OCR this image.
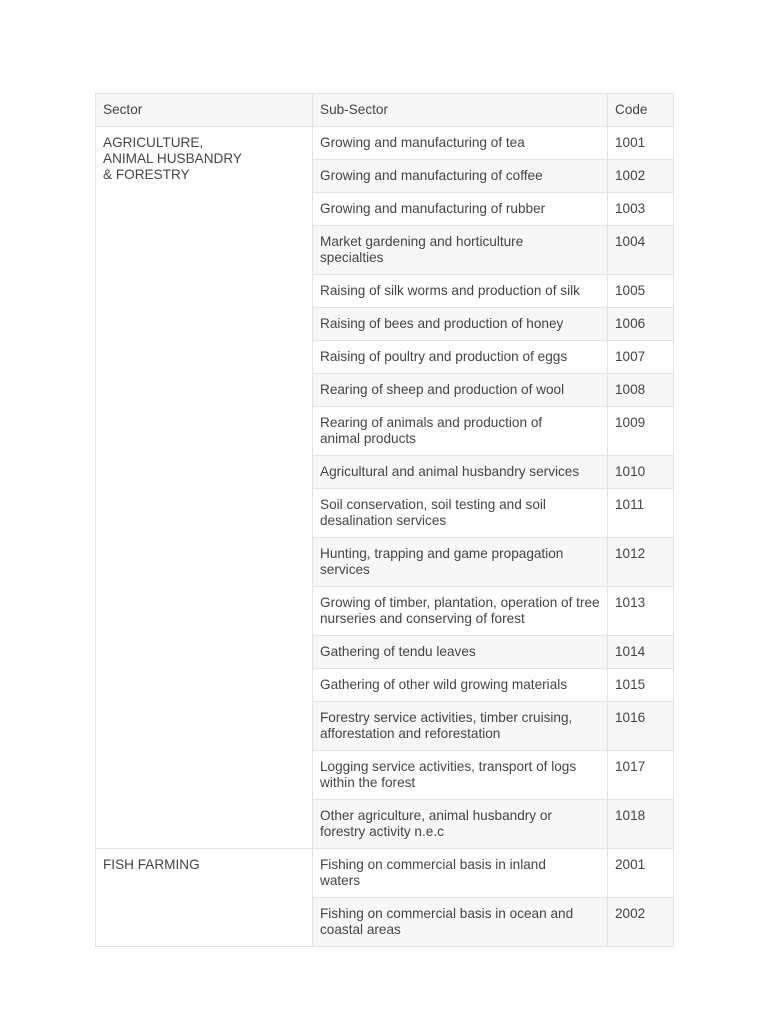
Sector	Sub-Sector	Code
AGRICULTURE,
ANIMAL HUSBANDRY
& FORESTRY	Growing and manufacturing of tea	1001
	Growing and manufacturing of coffee	1002
	Growing and manufacturing of rubber	1003
	Market gardening and horticulture
specialties	1004
	Raising of silk worms and production of silk	1005
	Raising of bees and production of honey	1006
	Raising of poultry and production of eggs	1007
	Rearing of sheep and production of wool	1008
	Rearing of animals and production of
animal products	1009
	Agricultural and animal husbandry services	1010
	Soil conservation, soil testing and soil
desalination services	1011
	Hunting, trapping and game propagation
services	1012
	Growing of timber, plantation, operation of tree
nurseries and conserving of forest	1013
	Gathering of tendu leaves	1014
	Gathering of other wild growing materials	1015
	Forestry service activities, timber cruising,
afforestation and reforestation	1016
	Logging service activities, transport of logs
within the forest	1017
	Other agriculture, animal husbandry or
forestry activity n.e.c	1018
FISH FARMING	Fishing on commercial basis in inland
waters	2001
	Fishing on commercial basis in ocean and
coastal areas	2002
